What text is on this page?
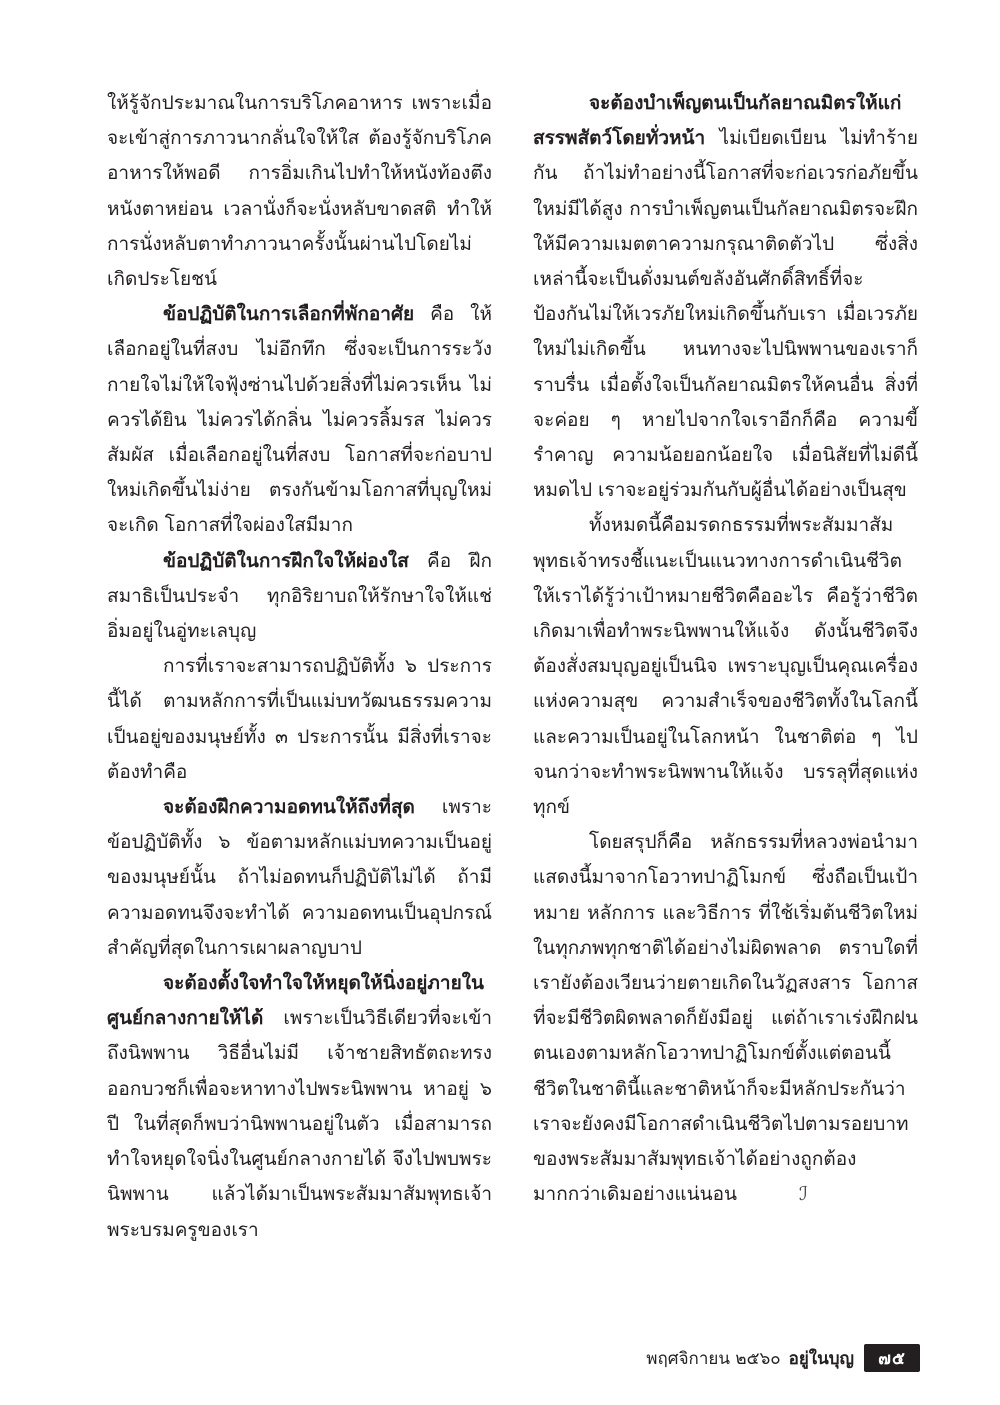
ให้รู้จักประมาณในการบริโภคอาหาร เพราะเมื่อจะเข้าสู่การภาวนากลั่นใจให้ใส ต้องรู้จักบริโภคอาหารให้พอดี การอิ่มเกินไปทำให้หนังท้องตึง หนังตาหย่อน เวลานั่งก็จะนั่งหลับขาดสติ ทำให้การนั่งหลับตาทำภาวนาครั้งนั้นผ่านไปโดยไม่เกิดประโยชน์

ข้อปฏิบัติในการเลือกที่พักอาศัย คือ ให้เลือกอยู่ในที่สงบ ไม่อึกทึก ซึ่งจะเป็นการระวังกายใจไม่ให้ใจฟุ้งซ่านไปด้วยสิ่งที่ไม่ควรเห็น ไม่ควรได้ยิน ไม่ควรได้กลิ่น ไม่ควรลิ้มรส ไม่ควรสัมผัส เมื่อเลือกอยู่ในที่สงบ โอกาสที่จะก่อบาปใหม่เกิดขึ้นไม่ง่าย ตรงกันข้ามโอกาสที่บุญใหม่จะเกิด โอกาสที่ใจผ่องใสมีมาก

ข้อปฏิบัติในการฝึกใจให้ผ่องใส คือ ฝึกสมาธิเป็นประจำ ทุกอิริยาบถให้รักษาใจให้แช่อิ่มอยู่ในอู่ทะเลบุญ

การที่เราจะสามารถปฏิบัติทั้ง ๖ ประการนี้ได้ ตามหลักการที่เป็นแม่บทวัฒนธรรมความเป็นอยู่ของมนุษย์ทั้ง ๓ ประการนั้น มีสิ่งที่เราจะต้องทำคือ

จะต้องฝึกความอดทนให้ถึงที่สุด เพราะข้อปฏิบัติทั้ง ๖ ข้อตามหลักแม่บทความเป็นอยู่ของมนุษย์นั้น ถ้าไม่อดทนก็ปฏิบัติไม่ได้ ถ้ามีความอดทนจึงจะทำได้ ความอดทนเป็นอุปกรณ์สำคัญที่สุดในการเผาผลาญบาป

จะต้องตั้งใจทำใจให้หยุดให้นิ่งอยู่ภายในศูนย์กลางกายให้ได้ เพราะเป็นวิธีเดียวที่จะเข้าถึงนิพพาน วิธีอื่นไม่มี เจ้าชายสิทธัตถะทรงออกบวชก็เพื่อจะหาทางไปพระนิพพาน หาอยู่ ๖ ปี ในที่สุดก็พบว่านิพพานอยู่ในตัว เมื่อสามารถทำใจหยุดใจนิ่งในศูนย์กลางกายได้ จึงไปพบพระนิพพาน แล้วได้มาเป็นพระสัมมาสัมพุทธเจ้าพระบรมครูของเรา

จะต้องบำเพ็ญตนเป็นกัลยาณมิตรให้แก่สรรพสัตว์โดยทั่วหน้า ไม่เบียดเบียน ไม่ทำร้ายกัน ถ้าไม่ทำอย่างนี้โอกาสที่จะก่อเวรก่อภัยขึ้นใหม่มีได้สูง การบำเพ็ญตนเป็นกัลยาณมิตรจะฝึกให้มีความเมตตาความกรุณาติดตัวไป ซึ่งสิ่งเหล่านี้จะเป็นดั่งมนต์ขลังอันศักดิ์สิทธิ์ที่จะป้องกันไม่ให้เวรภัยใหม่เกิดขึ้นกับเรา เมื่อเวรภัยใหม่ไม่เกิดขึ้น หนทางจะไปนิพพานของเราก็ราบรื่น เมื่อตั้งใจเป็นกัลยาณมิตรให้คนอื่น สิ่งที่จะค่อย ๆ หายไปจากใจเราอีกก็คือ ความขี้รำคาญ ความน้อยอกน้อยใจ เมื่อนิสัยที่ไม่ดีนี้หมดไป เราจะอยู่ร่วมกันกับผู้อื่นได้อย่างเป็นสุข

ทั้งหมดนี้คือมรดกธรรมที่พระสัมมาสัมพุทธเจ้าทรงชี้แนะเป็นแนวทางการดำเนินชีวิต ให้เราได้รู้ว่าเป้าหมายชีวิตคืออะไร คือรู้ว่าชีวิตเกิดมาเพื่อทำพระนิพพานให้แจ้ง ดังนั้นชีวิตจึงต้องสั่งสมบุญอยู่เป็นนิจ เพราะบุญเป็นคุณเครื่องแห่งความสุข ความสำเร็จของชีวิตทั้งในโลกนี้และความเป็นอยู่ในโลกหน้า ในชาติต่อ ๆ ไป จนกว่าจะทำพระนิพพานให้แจ้ง บรรลุที่สุดแห่งทุกข์

โดยสรุปก็คือ หลักธรรมที่หลวงพ่อนำมาแสดงนี้มาจากโอวาทปาฏิโมกข์ ซึ่งถือเป็นเป้าหมาย หลักการ และวิธีการ ที่ใช้เริ่มต้นชีวิตใหม่ในทุกภพทุกชาติได้อย่างไม่ผิดพลาด ตราบใดที่เรายังต้องเวียนว่ายตายเกิดในวัฏสงสาร โอกาสที่จะมีชีวิตผิดพลาดก็ยังมีอยู่ แต่ถ้าเราเร่งฝึกฝนตนเองตามหลักโอวาทปาฏิโมกข์ตั้งแต่ตอนนี้ ชีวิตในชาตินี้และชาติหน้าก็จะมีหลักประกันว่า เราจะยังคงมีโอกาสดำเนินชีวิตไปตามรอยบาทของพระสัมมาสัมพุทธเจ้าได้อย่างถูกต้องมากกว่าเดิมอย่างแน่นอน	ℐ

พฤศจิกายน ๒๕๖๐ อยู่ในบุญ	๗๕
